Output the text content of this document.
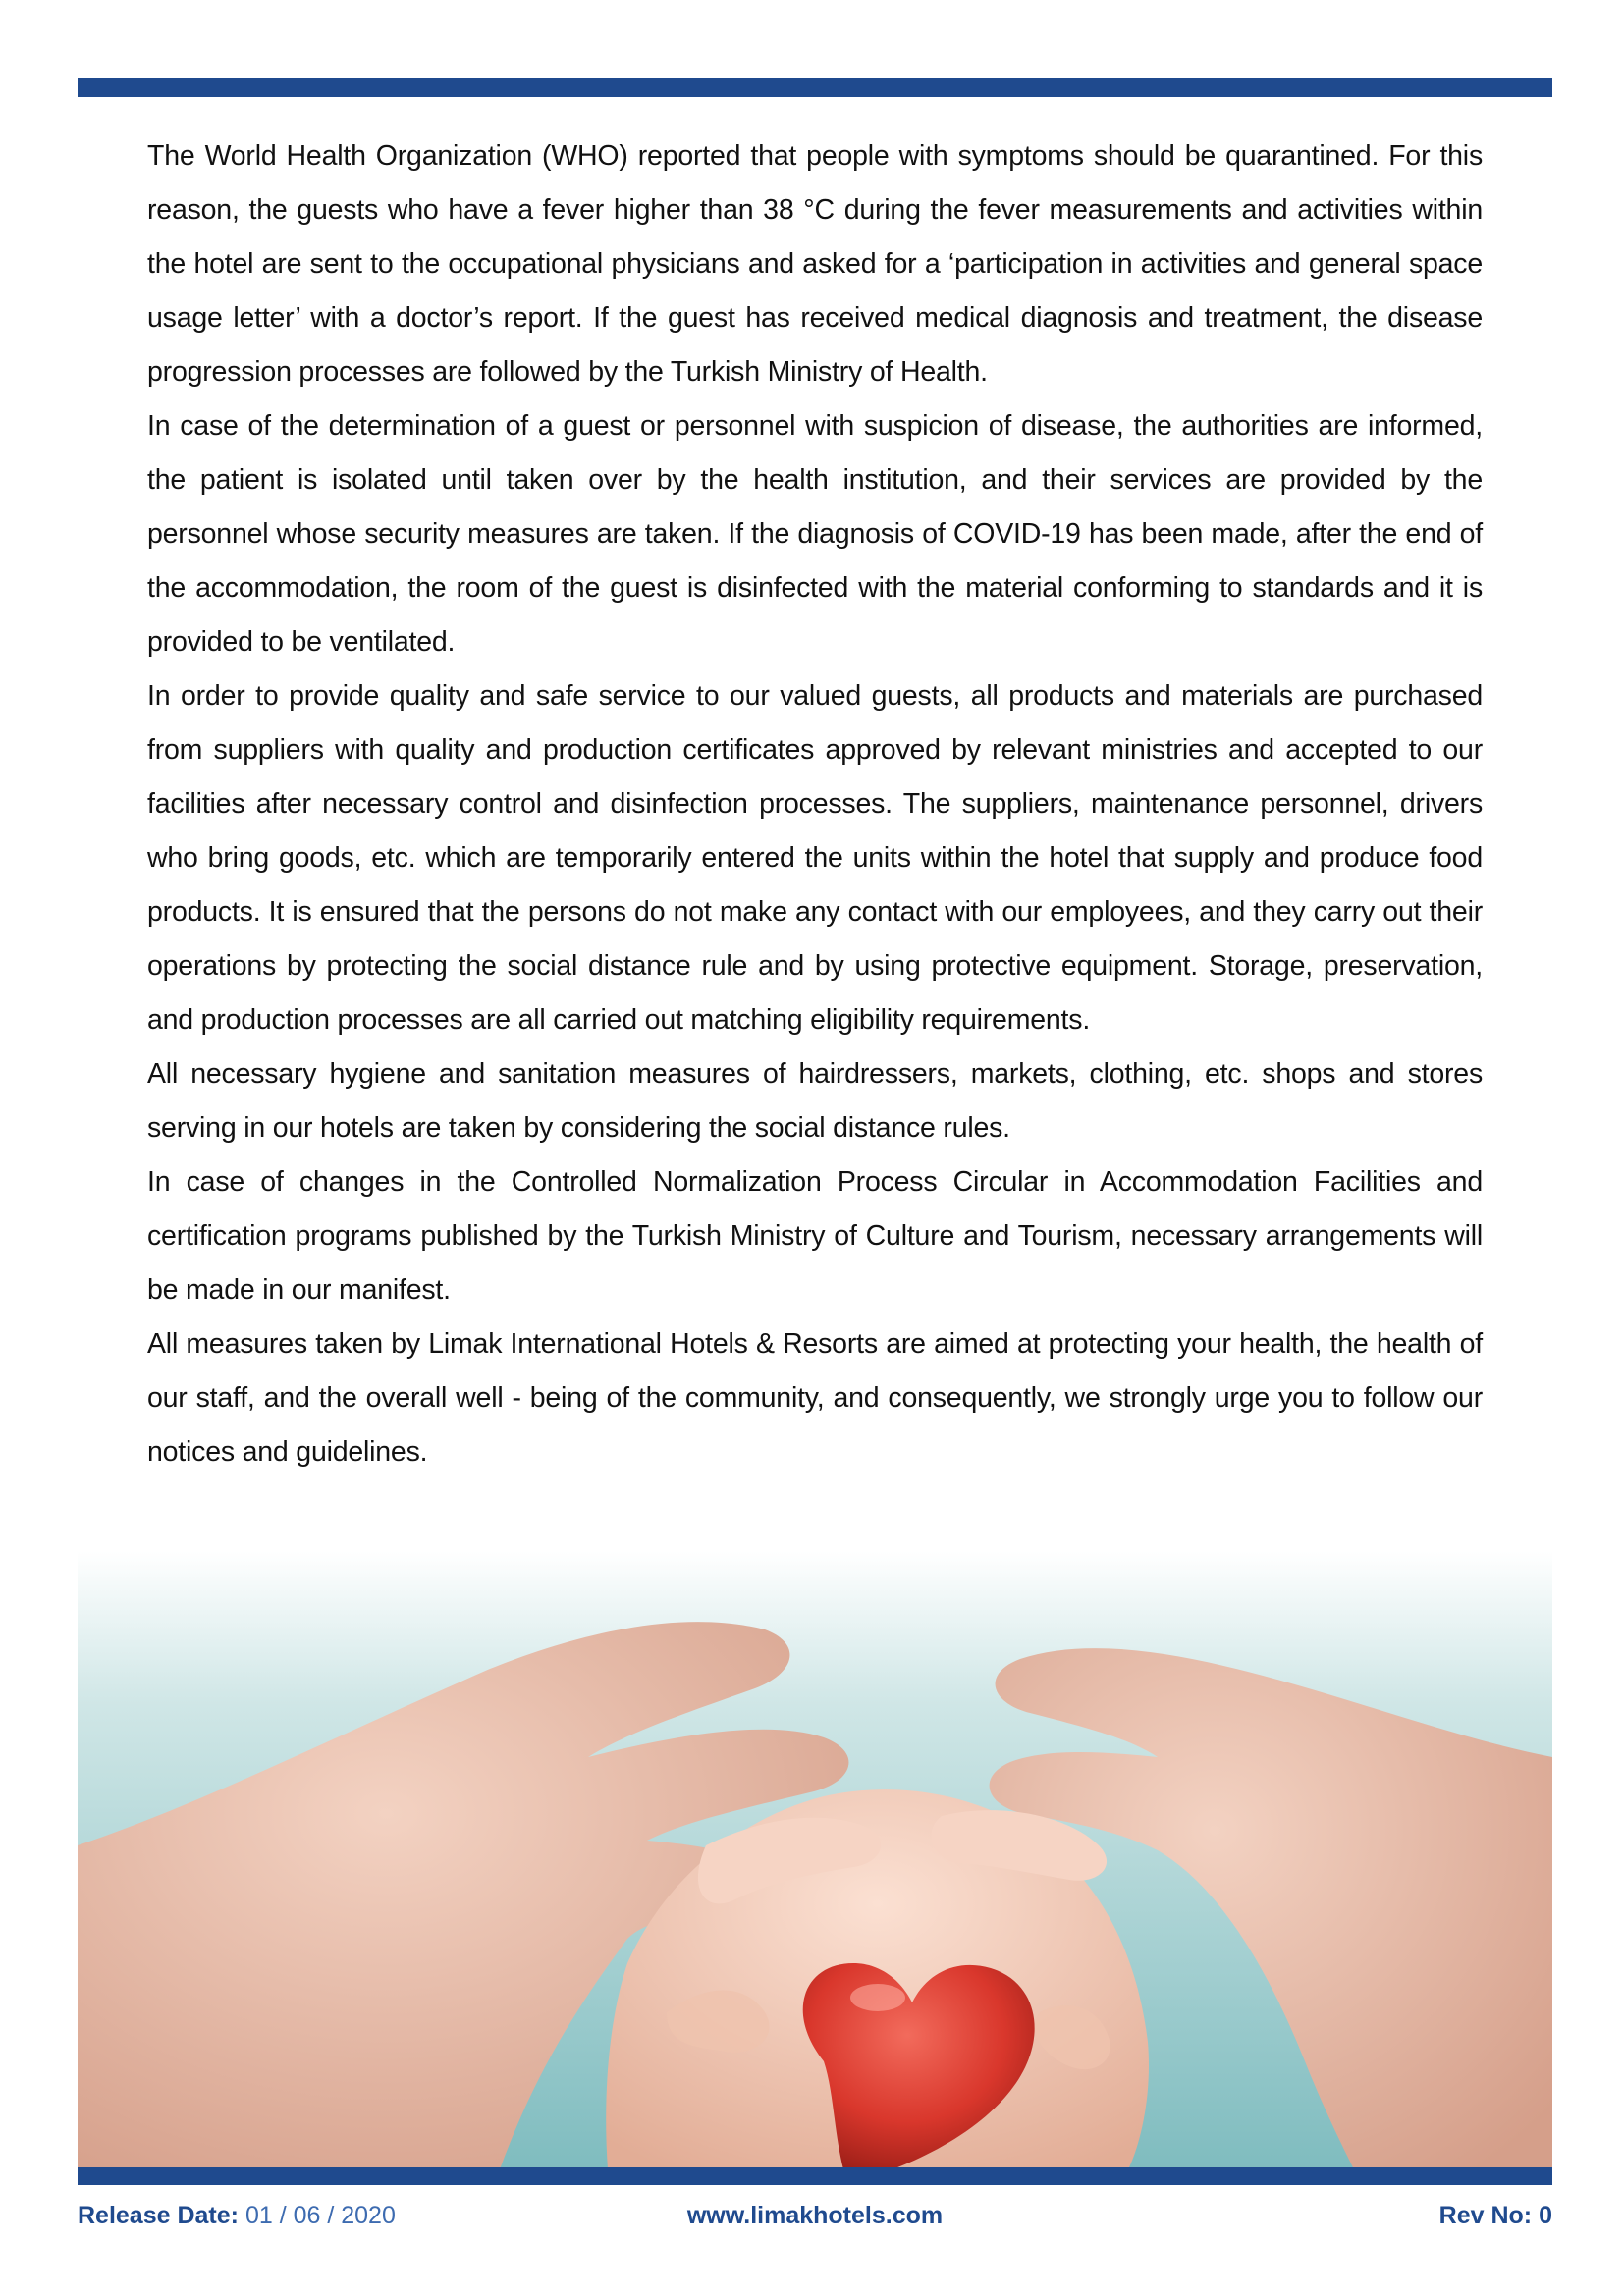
The World Health Organization (WHO) reported that people with symptoms should be quarantined. For this reason, the guests who have a fever higher than 38 °C during the fever measurements and activities within the hotel are sent to the occupational physicians and asked for a ‘participation in activities and general space usage letter’ with a doctor’s report. If the guest has received medical diagnosis and treatment, the disease progression processes are followed by the Turkish Ministry of Health.

In case of the determination of a guest or personnel with suspicion of disease, the authorities are informed, the patient is isolated until taken over by the health institution, and their services are provided by the personnel whose security measures are taken. If the diagnosis of COVID-19 has been made, after the end of the accommodation, the room of the guest is disinfected with the material conforming to standards and it is provided to be ventilated.

In order to provide quality and safe service to our valued guests, all products and materials are purchased from suppliers with quality and production certificates approved by relevant ministries and accepted to our facilities after necessary control and disinfection processes. The suppliers, maintenance personnel, drivers who bring goods, etc. which are temporarily entered the units within the hotel that supply and produce food products. It is ensured that the persons do not make any contact with our employees, and they carry out their operations by protecting the social distance rule and by using protective equipment. Storage, preservation, and production processes are all carried out matching eligibility requirements.

All necessary hygiene and sanitation measures of hairdressers, markets, clothing, etc. shops and stores serving in our hotels are taken by considering the social distance rules.

In case of changes in the Controlled Normalization Process Circular in Accommodation Facilities and certification programs published by the Turkish Ministry of Culture and Tourism, necessary arrangements will be made in our manifest.

All measures taken by Limak International Hotels & Resorts are aimed at protecting your health, the health of our staff, and the overall well - being of the community, and consequently, we strongly urge you to follow our notices and guidelines.

Release Date: 01 / 06 / 2020	www.limakhotels.com	Rev No: 0
